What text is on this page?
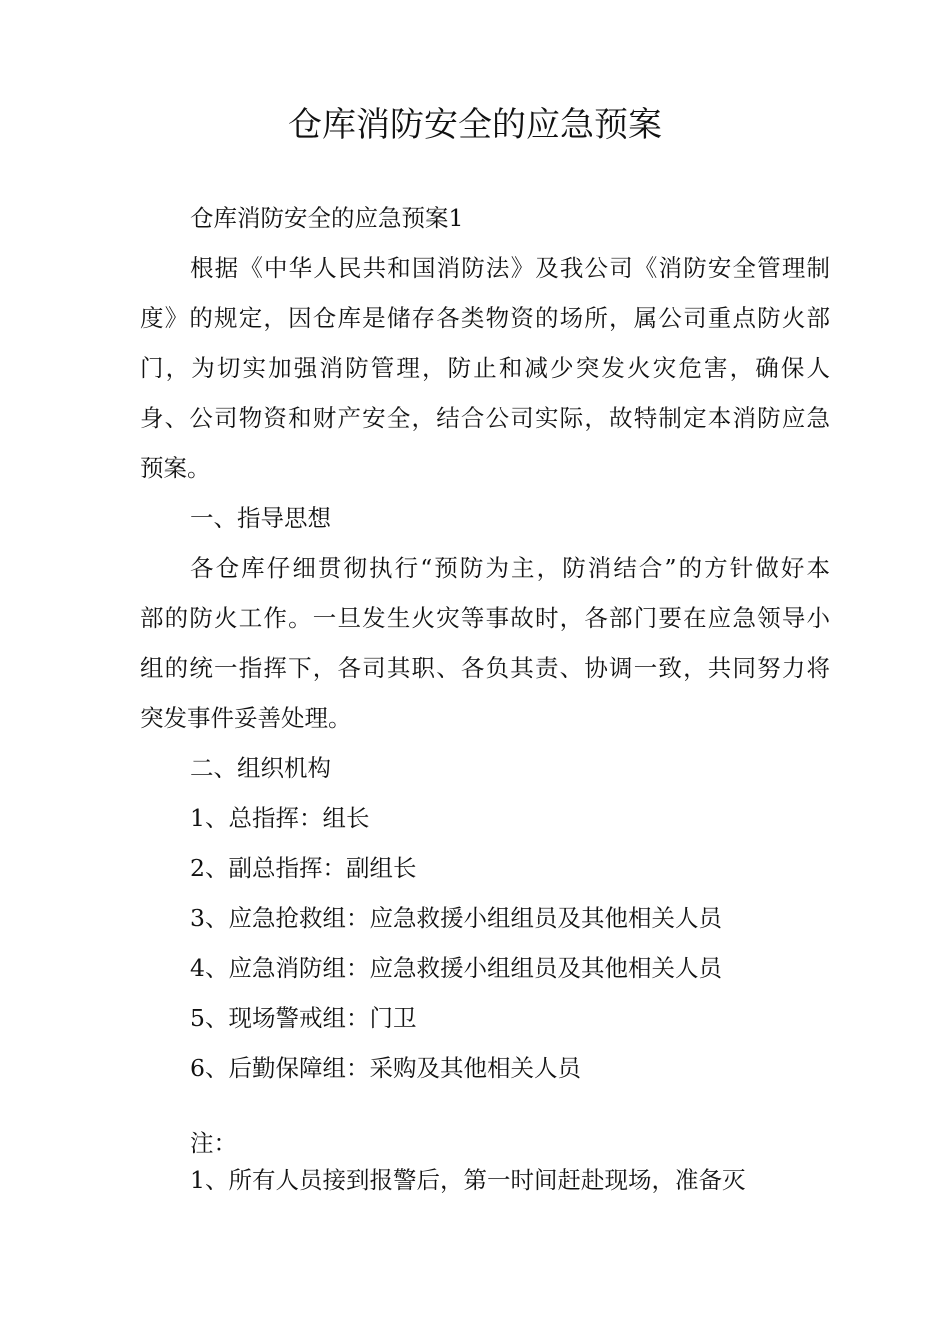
仓库消防安全的应急预案
仓库消防安全的应急预案1
根据《中华人民共和国消防法》及我公司《消防安全管理制
度》的规定，因仓库是储存各类物资的场所，属公司重点防火部
门，为切实加强消防管理，防止和减少突发火灾危害，确保人
身、公司物资和财产安全，结合公司实际，故特制定本消防应急
预案。
一、指导思想
各仓库仔细贯彻执行“预防为主，防消结合”的方针做好本
部的防火工作。一旦发生火灾等事故时，各部门要在应急领导小
组的统一指挥下，各司其职、各负其责、协调一致，共同努力将
突发事件妥善处理。
二、组织机构
1、总指挥：组长
2、副总指挥：副组长
3、应急抢救组：应急救援小组组员及其他相关人员
4、应急消防组：应急救援小组组员及其他相关人员
5、现场警戒组：门卫
6、后勤保障组：采购及其他相关人员
注：
1、所有人员接到报警后，第一时间赶赴现场，准备灭
